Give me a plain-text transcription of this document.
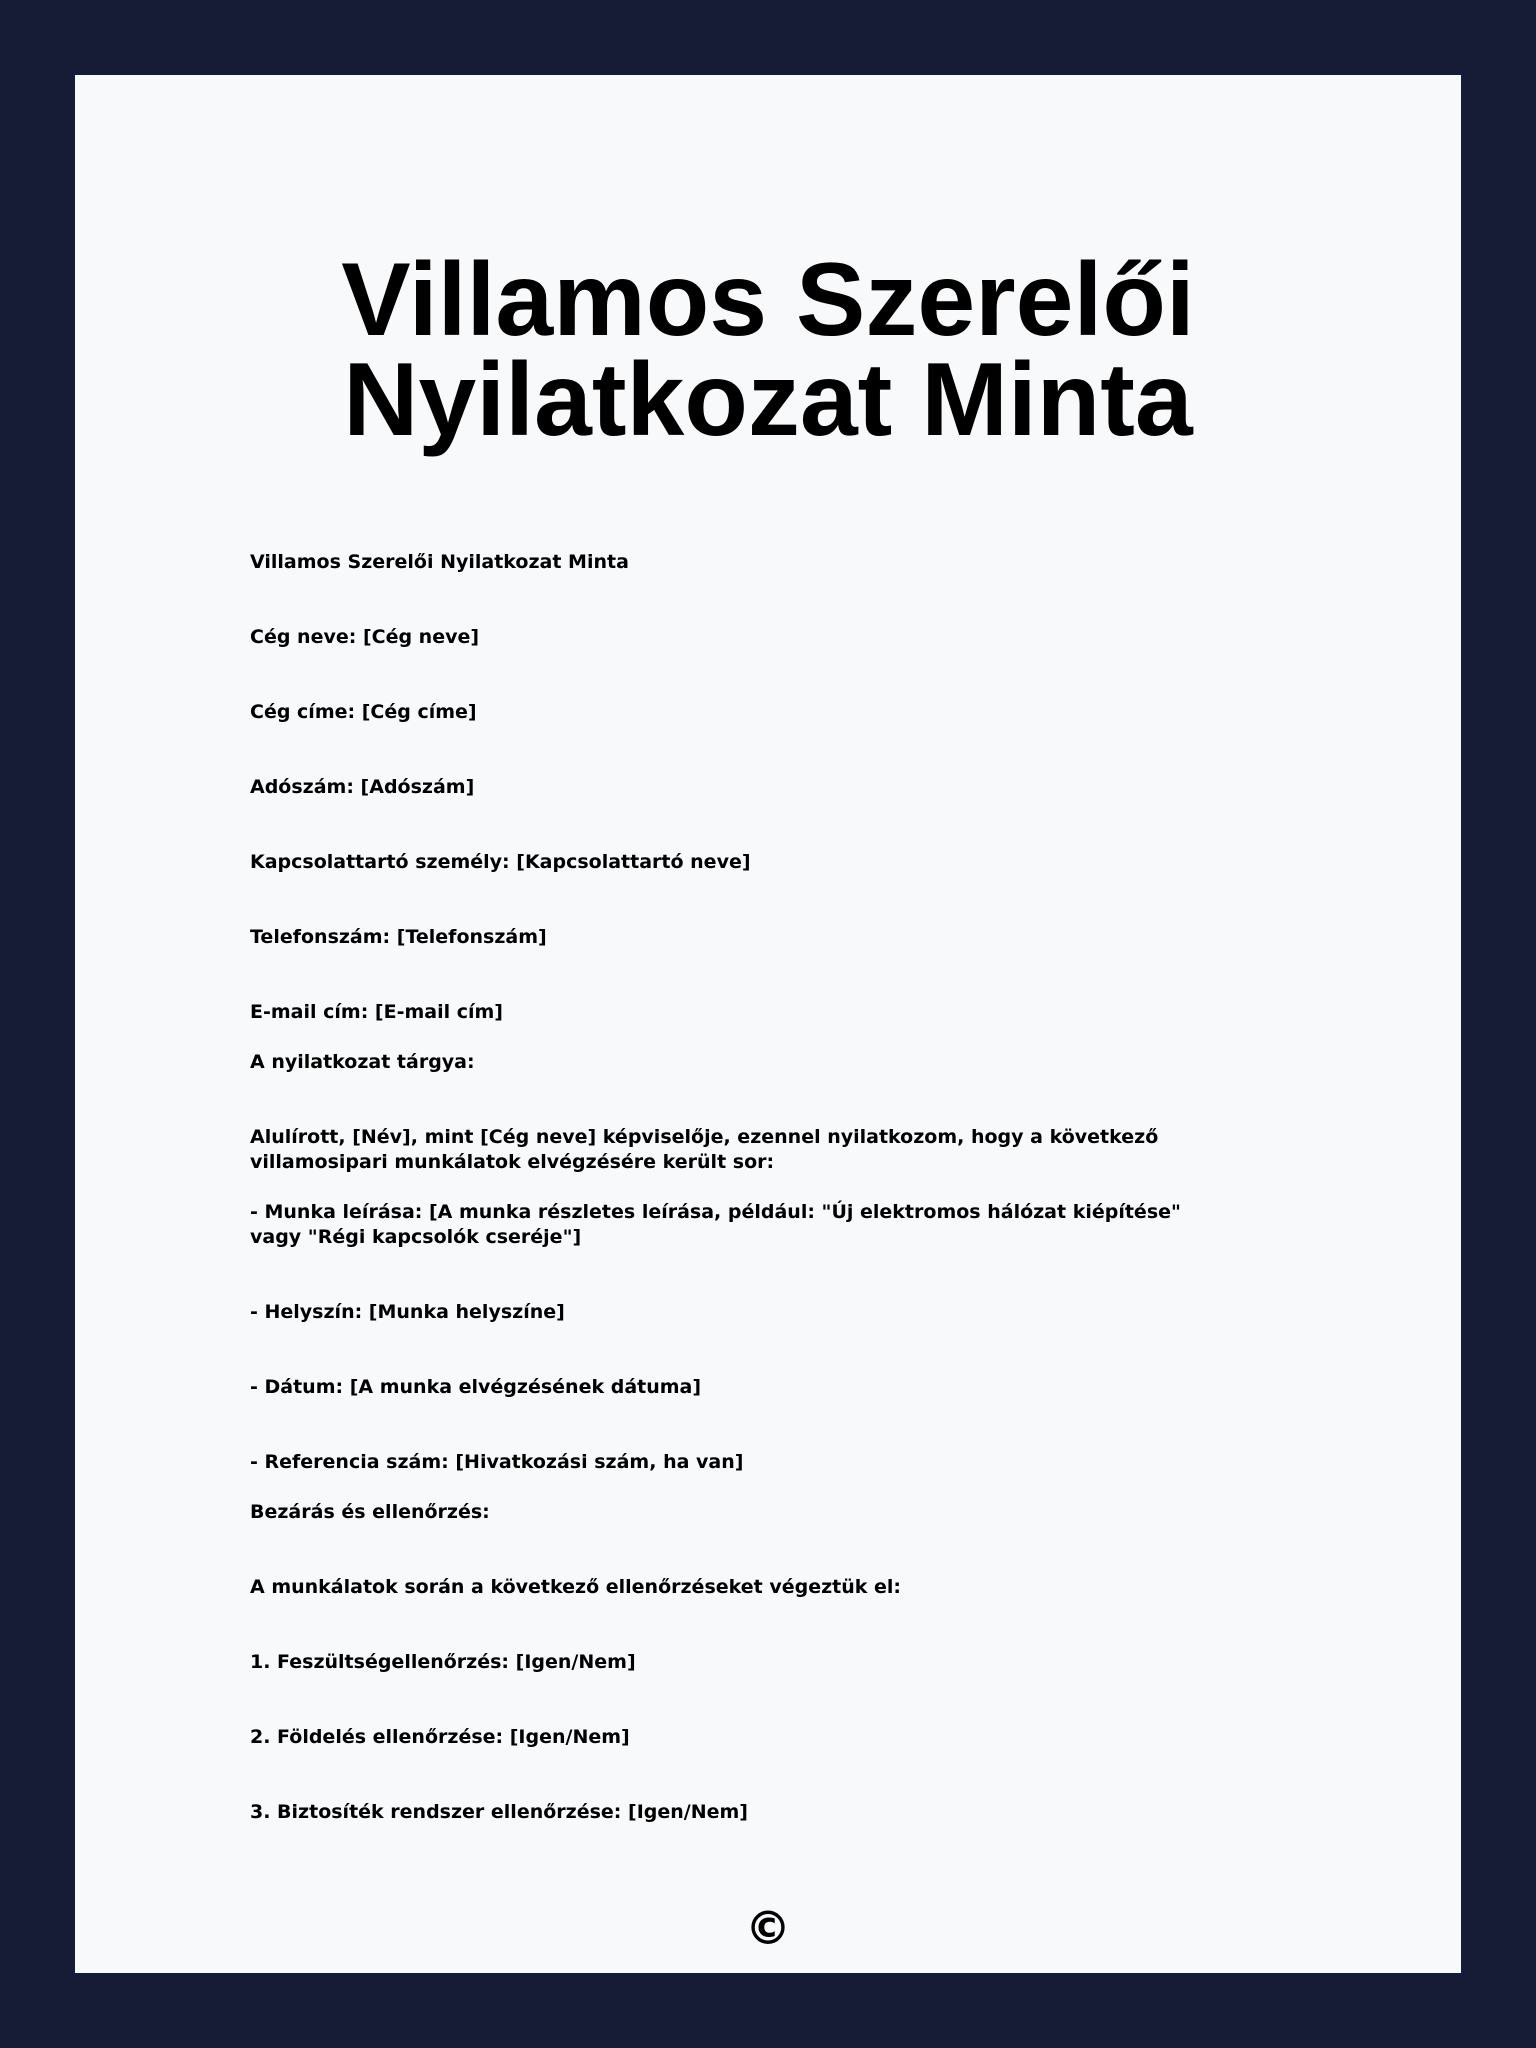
Villamos Szerelői Nyilatkozat Minta

Villamos Szerelői Nyilatkozat Minta

Cég neve: [Cég neve]

Cég címe: [Cég címe]

Adószám: [Adószám]

Kapcsolattartó személy: [Kapcsolattartó neve]

Telefonszám: [Telefonszám]

E-mail cím: [E-mail cím]

A nyilatkozat tárgya:

Alulírott, [Név], mint [Cég neve] képviselője, ezennel nyilatkozom, hogy a következő villamosipari munkálatok elvégzésére került sor:

- Munka leírása: [A munka részletes leírása, például: "Új elektromos hálózat kiépítése" vagy "Régi kapcsolók cseréje"]

- Helyszín: [Munka helyszíne]

- Dátum: [A munka elvégzésének dátuma]

- Referencia szám: [Hivatkozási szám, ha van]

Bezárás és ellenőrzés:

A munkálatok során a következő ellenőrzéseket végeztük el:

1. Feszültségellenőrzés: [Igen/Nem]

2. Földelés ellenőrzése: [Igen/Nem]

3. Biztosíték rendszer ellenőrzése: [Igen/Nem]

©
